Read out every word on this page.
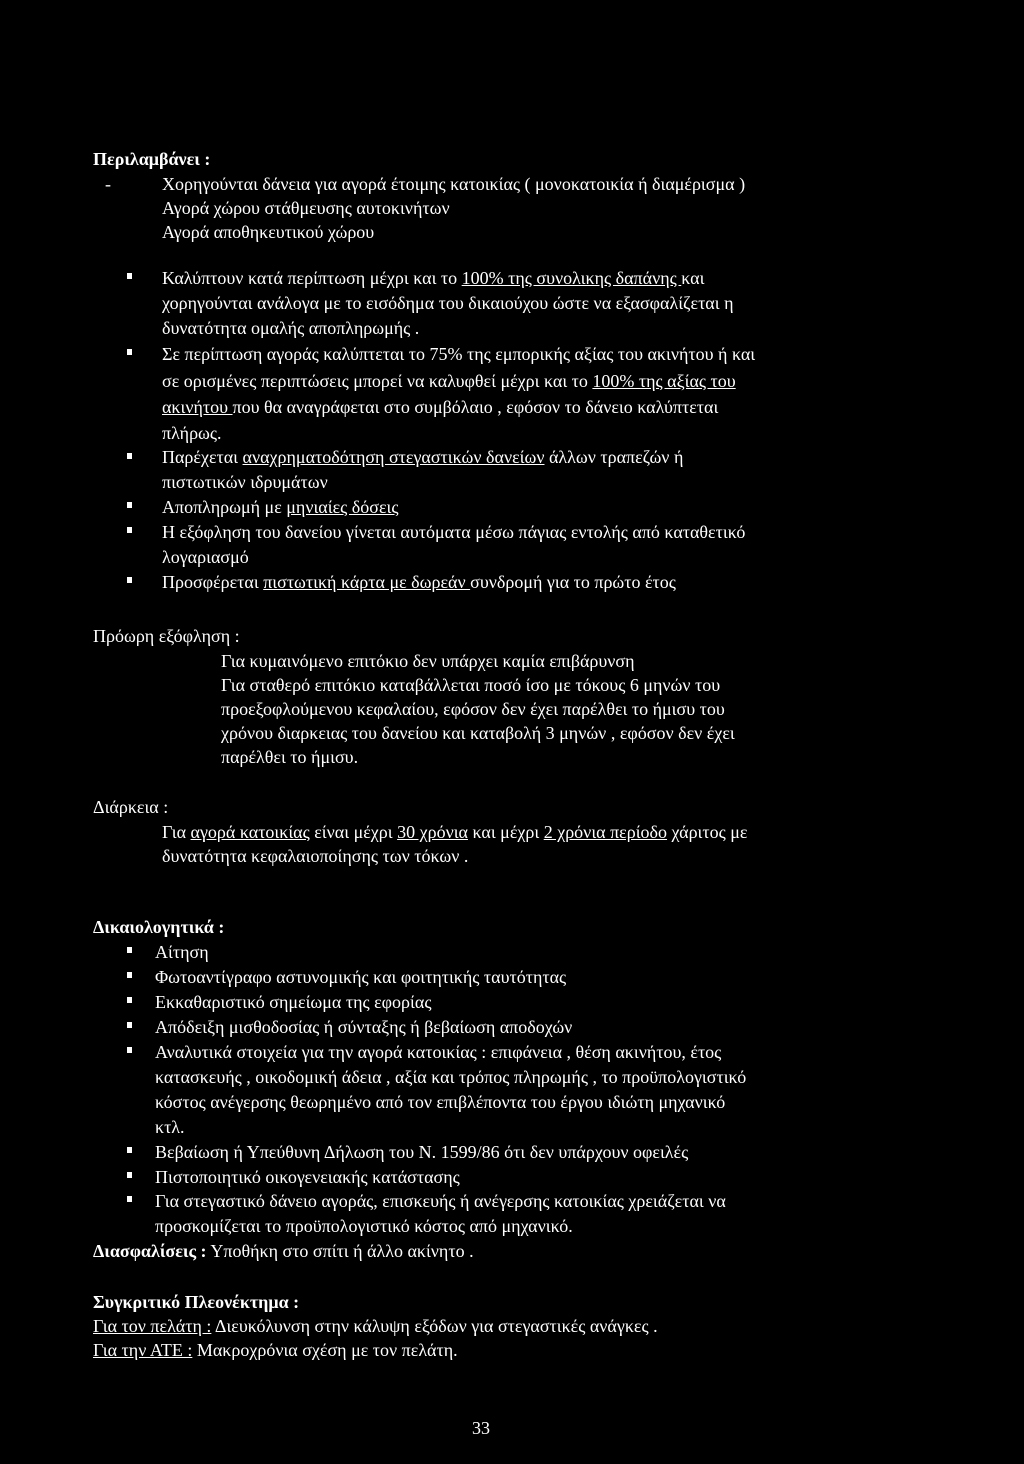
Περιλαμβάνει :
-	Χορηγούνται δάνεια για αγορά έτοιμης κατοικίας ( μονοκατοικία ή διαμέρισμα )
Αγορά χώρου στάθμευσης αυτοκινήτων
Αγορά αποθηκευτικού χώρου
Καλύπτουν κατά περίπτωση μέχρι και το 100% της συνολικης δαπάνης και
χορηγούνται ανάλογα με το εισόδημα του δικαιούχου ώστε να εξασφαλίζεται η
δυνατότητα ομαλής αποπληρωμής .
Σε περίπτωση αγοράς καλύπτεται το 75% της εμπορικής αξίας του ακινήτου ή και
σε ορισμένες περιπτώσεις μπορεί να καλυφθεί μέχρι και το 100% της αξίας του
ακινήτου που θα αναγράφεται στο συμβόλαιο , εφόσον το δάνειο καλύπτεται
πλήρως.
Παρέχεται αναχρηματοδότηση στεγαστικών δανείων άλλων τραπεζών ή
πιστωτικών ιδρυμάτων
Αποπληρωμή με μηνιαίες δόσεις
Η εξόφληση του δανείου γίνεται αυτόματα μέσω πάγιας εντολής από καταθετικό
λογαριασμό
Προσφέρεται πιστωτική κάρτα με δωρεάν συνδρομή για το πρώτο έτος
Πρόωρη εξόφληση :
Για κυμαινόμενο επιτόκιο δεν υπάρχει καμία επιβάρυνση
Για σταθερό επιτόκιο καταβάλλεται ποσό ίσο με τόκους 6 μηνών του
προεξοφλούμενου κεφαλαίου, εφόσον δεν έχει παρέλθει το ήμισυ του
χρόνου διαρκειας του δανείου και καταβολή 3 μηνών , εφόσον δεν έχει
παρέλθει το ήμισυ.
Διάρκεια :
Για αγορά κατοικίας είναι μέχρι 30 χρόνια και μέχρι 2 χρόνια περίοδο χάριτος με
δυνατότητα κεφαλαιοποίησης των τόκων .
Δικαιολογητικά :
Αίτηση
Φωτοαντίγραφο αστυνομικής και φοιτητικής ταυτότητας
Εκκαθαριστικό σημείωμα της εφορίας
Απόδειξη μισθοδοσίας ή σύνταξης ή βεβαίωση αποδοχών
Αναλυτικά στοιχεία για την αγορά κατοικίας : επιφάνεια , θέση ακινήτου, έτος
κατασκευής , οικοδομική άδεια , αξία και τρόπος πληρωμής , το προϋπολογιστικό
κόστος ανέγερσης θεωρημένο από τον επιβλέποντα του έργου ιδιώτη μηχανικό
κτλ.
Βεβαίωση ή Υπεύθυνη Δήλωση του Ν. 1599/86 ότι δεν υπάρχουν οφειλές
Πιστοποιητικό οικογενειακής κατάστασης
Για στεγαστικό δάνειο αγοράς, επισκευής ή ανέγερσης κατοικίας χρειάζεται να
προσκομίζεται το προϋπολογιστικό κόστος από μηχανικό.
Διασφαλίσεις : Υποθήκη στο σπίτι ή άλλο ακίνητο .
Συγκριτικό Πλεονέκτημα :
Για τον πελάτη : Διευκόλυνση στην κάλυψη εξόδων για στεγαστικές ανάγκες .
Για την ΑΤΕ : Μακροχρόνια σχέση με τον πελάτη.
33
